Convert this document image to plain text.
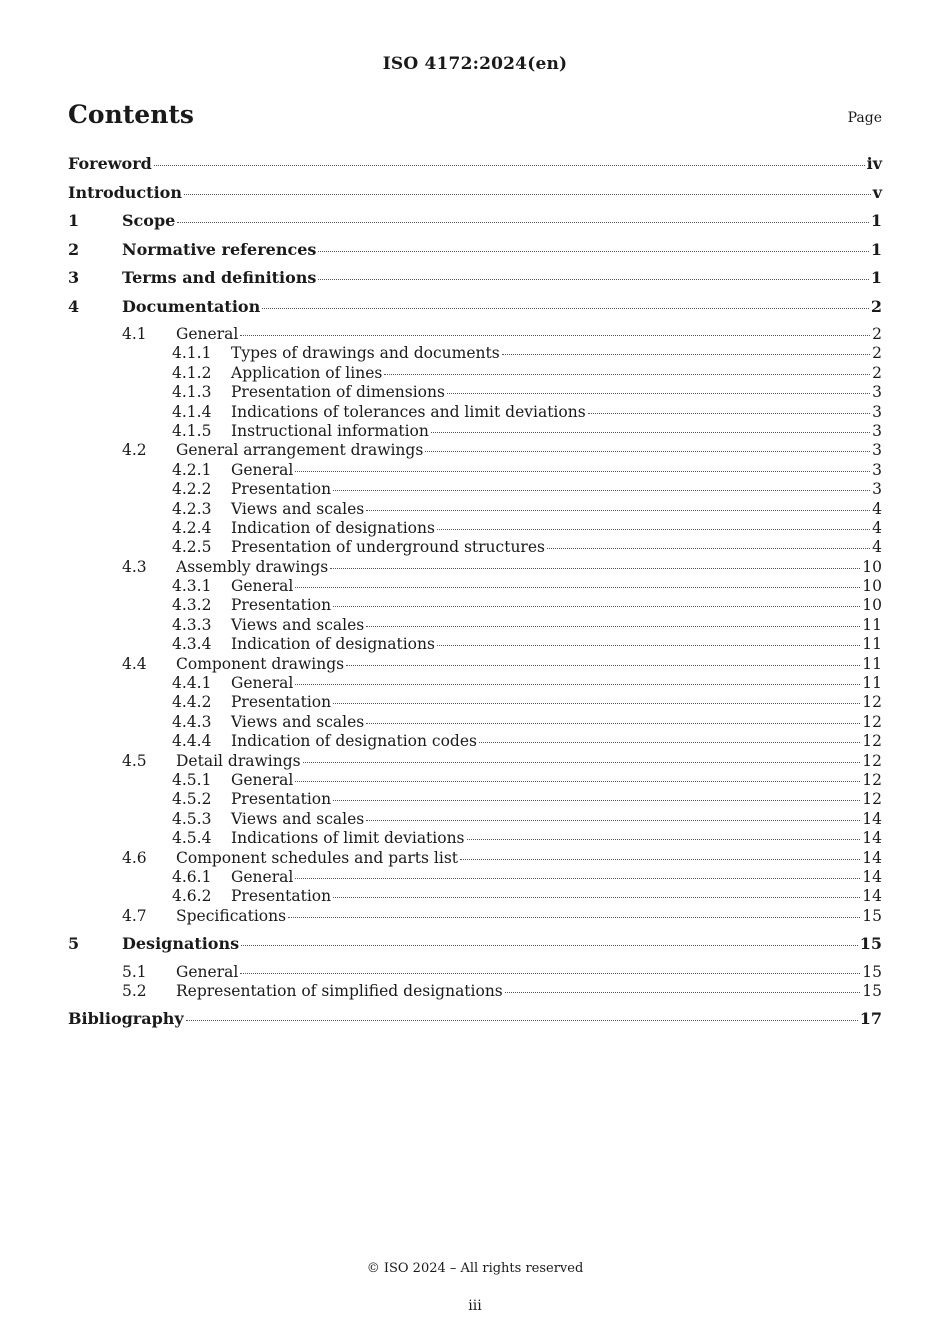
ISO 4172:2024(en)
Contents	Page
Foreword	iv
Introduction	v
1	Scope	1
2	Normative references	1
3	Terms and definitions	1
4	Documentation	2
4.1	General	2
4.1.1	Types of drawings and documents	2
4.1.2	Application of lines	2
4.1.3	Presentation of dimensions	3
4.1.4	Indications of tolerances and limit deviations	3
4.1.5	Instructional information	3
4.2	General arrangement drawings	3
4.2.1	General	3
4.2.2	Presentation	3
4.2.3	Views and scales	4
4.2.4	Indication of designations	4
4.2.5	Presentation of underground structures	4
4.3	Assembly drawings	10
4.3.1	General	10
4.3.2	Presentation	10
4.3.3	Views and scales	11
4.3.4	Indication of designations	11
4.4	Component drawings	11
4.4.1	General	11
4.4.2	Presentation	12
4.4.3	Views and scales	12
4.4.4	Indication of designation codes	12
4.5	Detail drawings	12
4.5.1	General	12
4.5.2	Presentation	12
4.5.3	Views and scales	14
4.5.4	Indications of limit deviations	14
4.6	Component schedules and parts list	14
4.6.1	General	14
4.6.2	Presentation	14
4.7	Specifications	15
5	Designations	15
5.1	General	15
5.2	Representation of simplified designations	15
Bibliography	17
© ISO 2024 – All rights reserved
iii
